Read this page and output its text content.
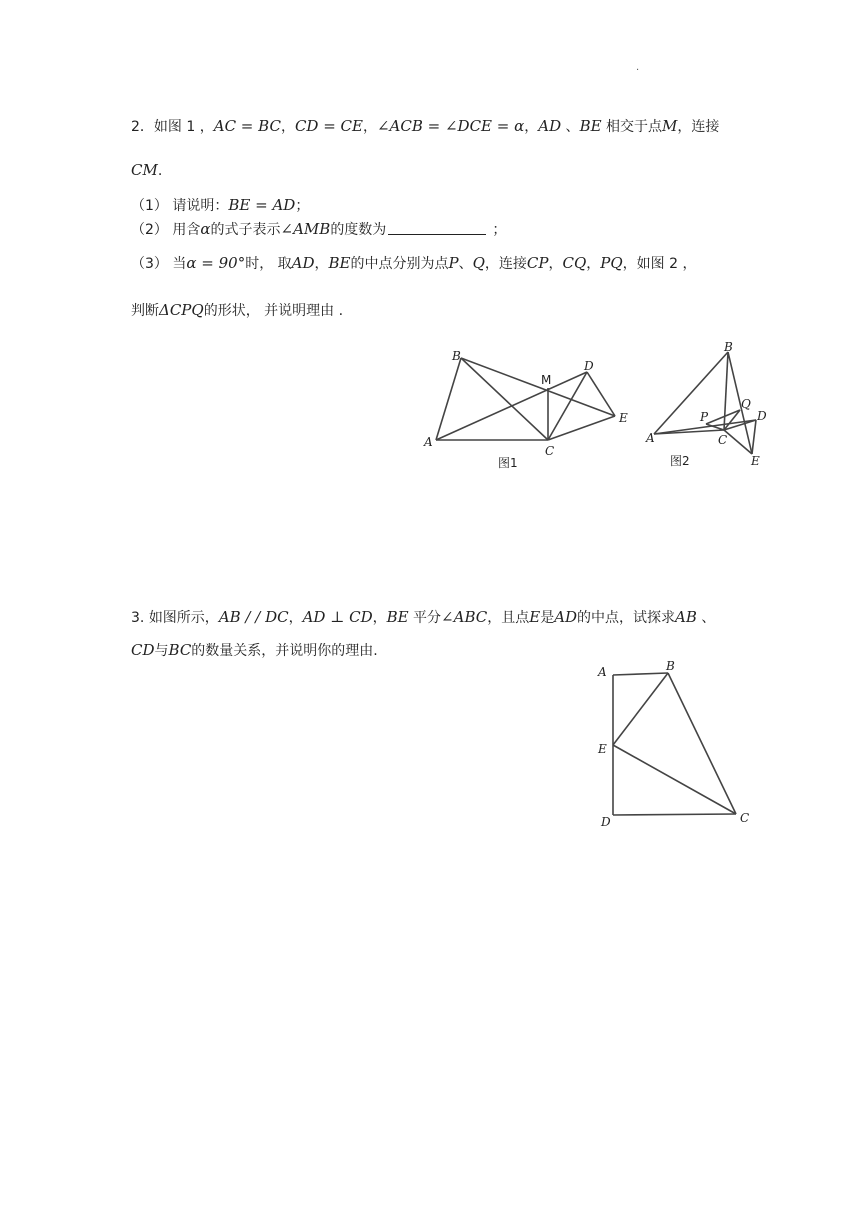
.
2．如图 1 ，AC = BC，CD = CE，∠ACB = ∠DCE = α，AD 、BE 相交于点M，连接
CM.
（1） 请说明：BE = AD；
（2） 用含α的式子表示∠AMB的度数为	；
（3） 当α = 90°时， 取AD，BE的中点分别为点P、Q，连接CP，CQ，PQ，如图 2 ，
判断ΔCPQ的形状， 并说明理由 .
B
A
C
D
E
M
图1
B
A	C
D
E
P
Q
图2
A	B
C
D
E
3. 如图所示，AB / / DC，AD ⊥ CD，BE 平分∠ABC，且点E是AD的中点，试探求AB 、
CD与BC的数量关系，并说明你的理由.
